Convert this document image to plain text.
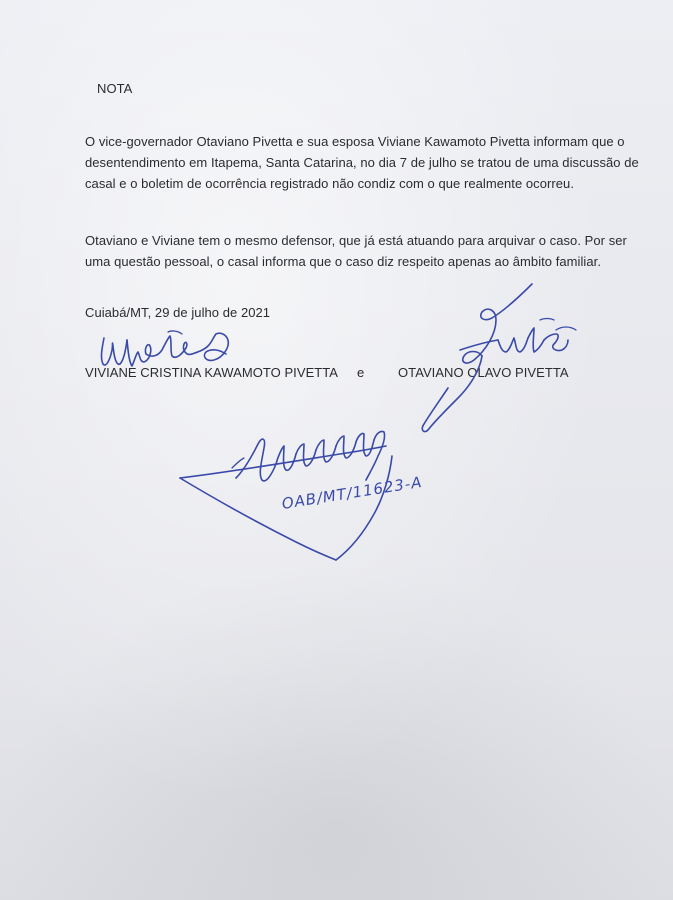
NOTA
O vice-governador Otaviano Pivetta e sua esposa Viviane Kawamoto Pivetta informam que o
desentendimento em Itapema, Santa Catarina, no dia 7 de julho se tratou de uma discussão de
casal e o boletim de ocorrência registrado não condiz com o que realmente ocorreu.
Otaviano e Viviane tem o mesmo defensor, que já está atuando para arquivar o caso. Por ser
uma questão pessoal, o casal informa que o caso diz respeito apenas ao âmbito familiar.
Cuiabá/MT, 29 de julho de 2021
VIVIANE CRISTINA KAWAMOTO PIVETTA e	OTAVIANO OLAVO PIVETTA
OAB/MT/11623-A
